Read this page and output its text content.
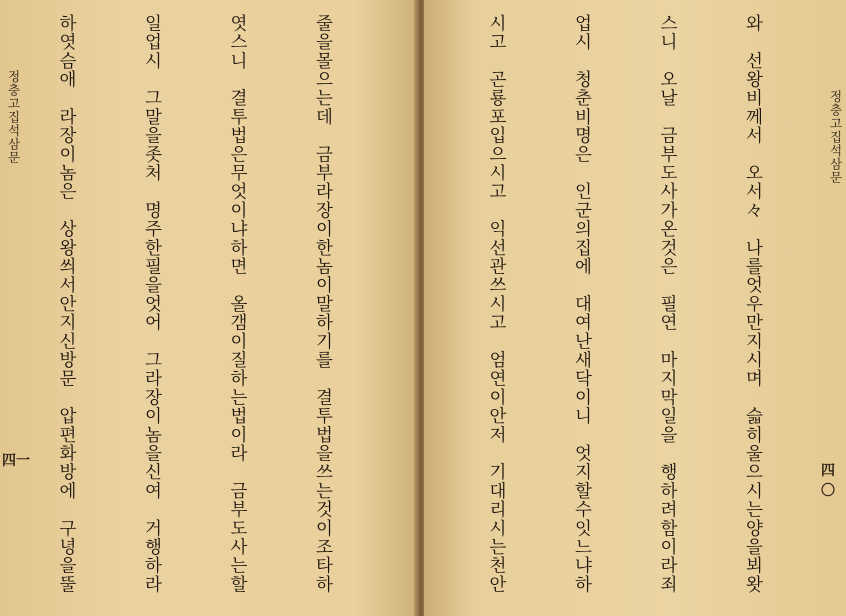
정충고집석삼문
四一

	줄을몰으는데　금부라장이한놈이말하기를　결투법을쓰는것이조타하

엿스니　결투법은무엇이냐하면　올갬이질하는법이라　금부도사는할

일업시　그말을좃처　명주한필을엇어　그라장이놈을신여　거행하라

하엿슴애　라장이놈은　상왕씌서안지신방문　압편화방에　구녕을뚤

	정충고집석삼문
四〇

와　선왕비께서　오서々　나를엇우만지시며　슯히울으시는양을뵈왓

스니　오날　금부도사가온것은　필연　마지막일을　행하려함이라죄

업시　청춘비명은　인군의집에　대여난새닥이니　엇지할수잇느냐하

시고　곤룡포입으시고　익선관쓰시고　엄연이안저　기대리시는천안
